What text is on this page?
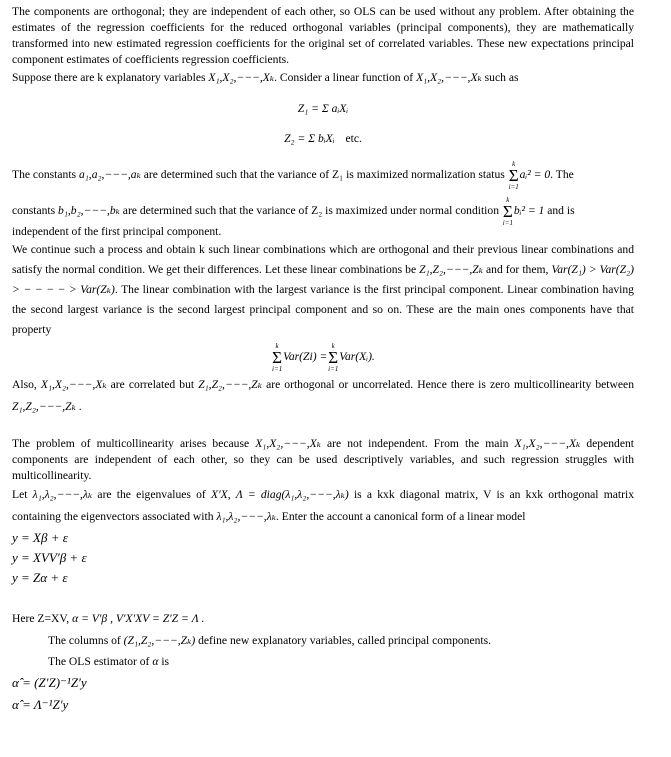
The components are orthogonal; they are independent of each other, so OLS can be used without any problem. After obtaining the estimates of the regression coefficients for the reduced orthogonal variables (principal components), they are mathematically transformed into new estimated regression coefficients for the original set of correlated variables. These new expectations principal component estimates of coefficients regression coefficients.

Suppose there are k explanatory variables X₁,X₂,−−−,Xₖ. Consider a linear function of X₁,X₂,−−−,Xₖ such as

Z₁ = Σ aᵢXᵢ
Z₂ = Σ bᵢXᵢ etc.

The constants a₁,a₂,−−−,aₖ are determined such that the variance of Z₁ is maximized normalization status Σ
k
i=1
aᵢ² = 0. The

constants b₁,b₂,−−−,bₖ are determined such that the variance of Z₂ is maximized under normal condition Σ
k
i=1
bᵢ² = 1 and is

independent of the first principal component.

We continue such a process and obtain k such linear combinations which are orthogonal and their previous linear combinations and satisfy the normal condition. We get their differences. Let these linear combinations be Z₁,Z₂,−−−,Zₖ and for them, Var(Z₁) > Var(Z₂) > − − − − > Var(Zₖ). The linear combination with the largest variance is the first principal component. Linear combination having the second largest variance is the second largest principal component and so on. These are the main ones components have that property

Σ
k
i=1
Var(Zi) =Σ
k
i=1
Var(Xᵢ).

Also, X₁,X₂,−−−,Xₖ are correlated but Z₁,Z₂,−−−,Zₖ are orthogonal or uncorrelated. Hence there is zero multicollinearity between Z₁,Z₂,−−−,Zₖ .

The problem of multicollinearity arises because X₁,X₂,−−−,Xₖ are not independent. From the main X₁,X₂,−−−,Xₖ dependent components are independent of each other, so they can be used descriptively variables, and such regression struggles with multicollinearity.

Let λ₁,λ₂,−−−,λₖ are the eigenvalues of X′X, Λ = diag(λ₁,λ₂,−−−,λₖ) is a kxk diagonal matrix, V is an kxk orthogonal matrix containing the eigenvectors associated with λ₁,λ₂,−−−,λₖ. Enter the account a canonical form of a linear model

y = Xβ + ε

y = XVV′β + ε

y = Zα + ε

Here Z=XV, α = V′β , V′X′XV = Z′Z = Λ .

The columns of (Z₁,Z₂,−−−,Zₖ) define new explanatory variables, called principal components.

The OLS estimator of α is

α̂ = (Z′Z)⁻¹Z′y

α̂ = Λ⁻¹Z′y
